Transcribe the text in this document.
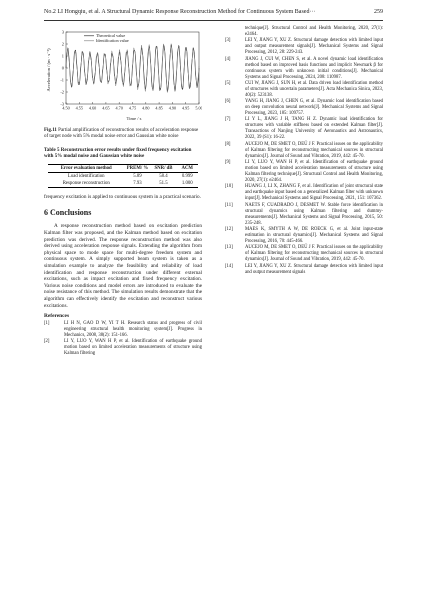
No.2 LI Hongqiu, et al. A Structural Dynamic Response Reconstruction Method for Continuous System Based···	259
3
2
1
0
-1
-2
-3
4.50 4.55 4.60 4.65 4.70 4.75 4.80 4.85 4.90 4.95 5.00
Theoretical value
Identification value
Acceleration / (m · s⁻²)
Time / s

Fig.11 Partial amplification of reconstruction results of acceleration response of target node with 5% modal noise error and Gaussian white noise

Table 5 Reconstruction error results under fixed frequency excitation with 5% modal noise and Gaussian white noise

Error evaluation method	PREM/ %	SNR/ dB	ACM
Load identification	5.89	58.4	0.999
Response reconstruction	7.93	51.5	1.000

frequency excitation is applied to continuous system in a practical scenario.

6 Conclusions

A response reconstruction method based on excitation prediction Kalman filter was proposed, and the Kalman method based on excitation prediction was derived. The response reconstruction method was also derived using acceleration response signals. Extending the algorithm from physical space to mode space for multi-degree freedom system and continuous system. A simply supported beam system is taken as a simulation example to analyze the feasibility and reliability of load identification and response reconstruction under different external excitations, such as impact excitation and fixed frequency excitation. Various noise conditions and model errors are introduced to evaluate the noise resistance of this method. The simulation results demonstrate that the algorithm can effectively identify the excitation and reconstruct various excitations.

References

[1]	LI H N, GAO D W, YI T H. Research status and progress of civil engineering structural health monitoring system[J]. Progress in Mechanics, 2008, 38(2): 151-166.

[2]	LI Y, LUO Y, WAN H P, et al. Identification of earthquake ground motion based on limited acceleration measurements of structure using Kalman filtering

technique[J]. Structural Control and Health Monitoring, 2020, 27(1): e2464.

[3]	LEI Y, JIANG Y, XU Z. Structural damage detection with limited input and output measurement signals[J]. Mechanical Systems and Signal Processing, 2012, 28: 229-243.

[4]	JIANG J, CUI W, CHEN S, et al. A novel dynamic load identification method based on improved basis functions and implicit Newmark β for continuous system with unknown initial conditions[J]. Mechanical Systems and Signal Processing, 2024, 208: 110987.

[5]	CUI W, JIANG J, SUN H, et al. Data driven load identification method of structures with uncertain parameters[J]. Acta Mechanica Sinica, 2023, 40(2): 523138.

[6]	YANG H, JIANG J, CHEN G, et al. Dynamic load identification based on deep convolution neural network[J]. Mechanical Systems and Signal Processing, 2023, 185: 109757.

[7]	LI Y L, JIANG J H, TANG H Z. Dynamic load identification for structures with variable stiffness based on extended Kalman filter[J]. Transactions of Nanjing University of Aeronautics and Astronautics, 2022, 39 (S1): 16-22.

[8]	AUCEJO M, DE SMET O, DEÜ J F. Practical issues on the applicability of Kalman filtering for reconstructing mechanical sources in structural dynamics[J]. Journal of Sound and Vibration, 2019, 442: 45-70.

[9]	LI Y, LUO Y, WAN H P, et al. Identification of earthquake ground motion based on limited acceleration measurements of structure using Kalman filtering technique[J]. Structural Control and Health Monitoring, 2020, 27(1): e2464.

[10]	HUANG J, LI X, ZHANG F, et al. Identification of joint structural state and earthquake input based on a generalized Kalman filter with unknown input[J]. Mechanical Systems and Signal Processing, 2021, 151: 107362.

[11]	NAETS F, CUADRADO J, DESMET W. Stable force identification in structural dynamics using Kalman filtering and dummy-measurements[J]. Mechanical Systems and Signal Processing, 2015, 50: 235-248.

[12]	MAES K, SMYTH A W, DE ROECK G, et al. Joint input-state estimation in structural dynamics[J]. Mechanical Systems and Signal Processing, 2016, 70: 445-466.

[13]	AUCEJO M, DE SMET O, DEÜ J F. Practical issues on the applicability of Kalman filtering for reconstructing mechanical sources in structural dynamics[J]. Journal of Sound and Vibration, 2019, 442: 45-70.

[14]	LEI Y, JIANG Y, XU Z. Structural damage detection with limited input and output measurement signals
